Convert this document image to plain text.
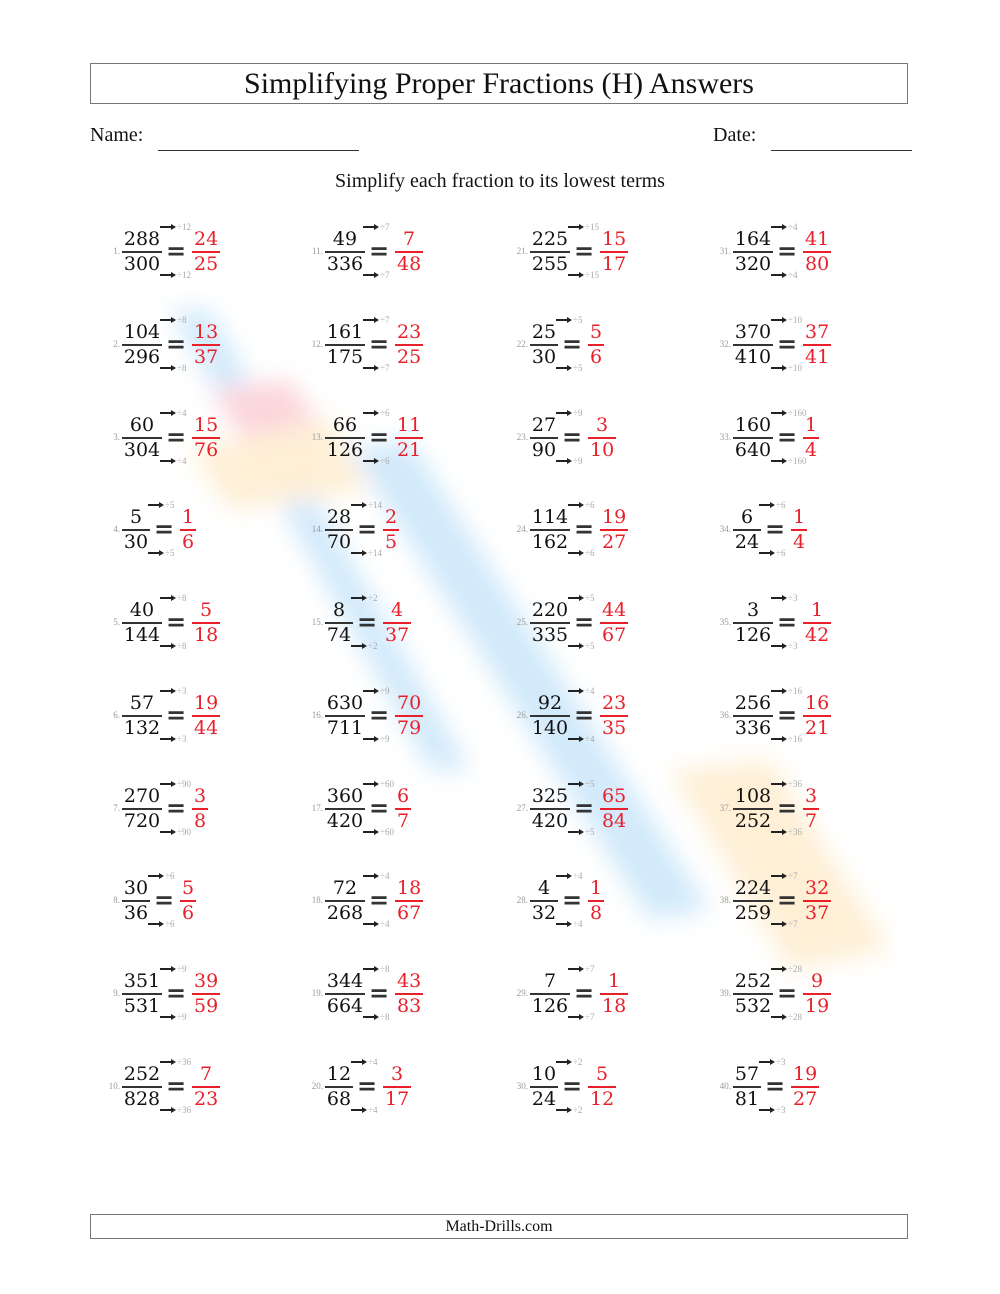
Simplifying Proper Fractions (H) Answers
Name:	Date:
Simplify each fraction to its lowest terms
1.
÷12
288
300 = 24
25
÷12
2.
÷8
104
296 = 13
37
÷8
3.
÷4
60
304 = 15
76
÷4
4.
÷5
5
30 = 1
6
÷5
5.
÷8
40
144 = 5
18
÷8
6.
÷3
57
132 = 19
44
÷3
7.
÷90
270
720 = 3
8
÷90
8.
÷6
30
36 = 5
6
÷6
9.
÷9
351
531 = 39
59
÷9
10.
÷36
252
828 = 7
23
÷36
11.
÷7
49
336 = 7
48
÷7
12.
÷7
161
175 = 23
25
÷7
13.
÷6
66
126 = 11
21
÷6
14.
÷14
28
70 = 2
5
÷14
15.
÷2
8
74 = 4
37
÷2
16.
÷9
630
711 = 70
79
÷9
17.
÷60
360
420 = 6
7
÷60
18.
÷4
72
268 = 18
67
÷4
19.
÷8
344
664 = 43
83
÷8
20.
÷4
12
68 = 3
17
÷4
21.
÷15
225
255 = 15
17
÷15
22.
÷5
25
30 = 5
6
÷5
23.
÷9
27
90 = 3
10
÷9
24.
÷6
114
162 = 19
27
÷6
25.
÷5
220
335 = 44
67
÷5
26.
÷4
92
140 = 23
35
÷4
27.
÷5
325
420 = 65
84
÷5
28.
÷4
4
32 = 1
8
÷4
29.
÷7
7
126 = 1
18
÷7
30.
÷2
10
24 = 5
12
÷2
31.
÷4
164
320 = 41
80
÷4
32.
÷10
370
410 = 37
41
÷10
33.
÷160
160
640 = 1
4
÷160
34.
÷6
6
24 = 1
4
÷6
35.
÷3
3
126 = 1
42
÷3
36.
÷16
256
336 = 16
21
÷16
37.
÷36
108
252 = 3
7
÷36
38.
÷7
224
259 = 32
37
÷7
39.
÷28
252
532 = 9
19
÷28
40.
÷3
57
81 = 19
27
÷3
Math-Drills.com
